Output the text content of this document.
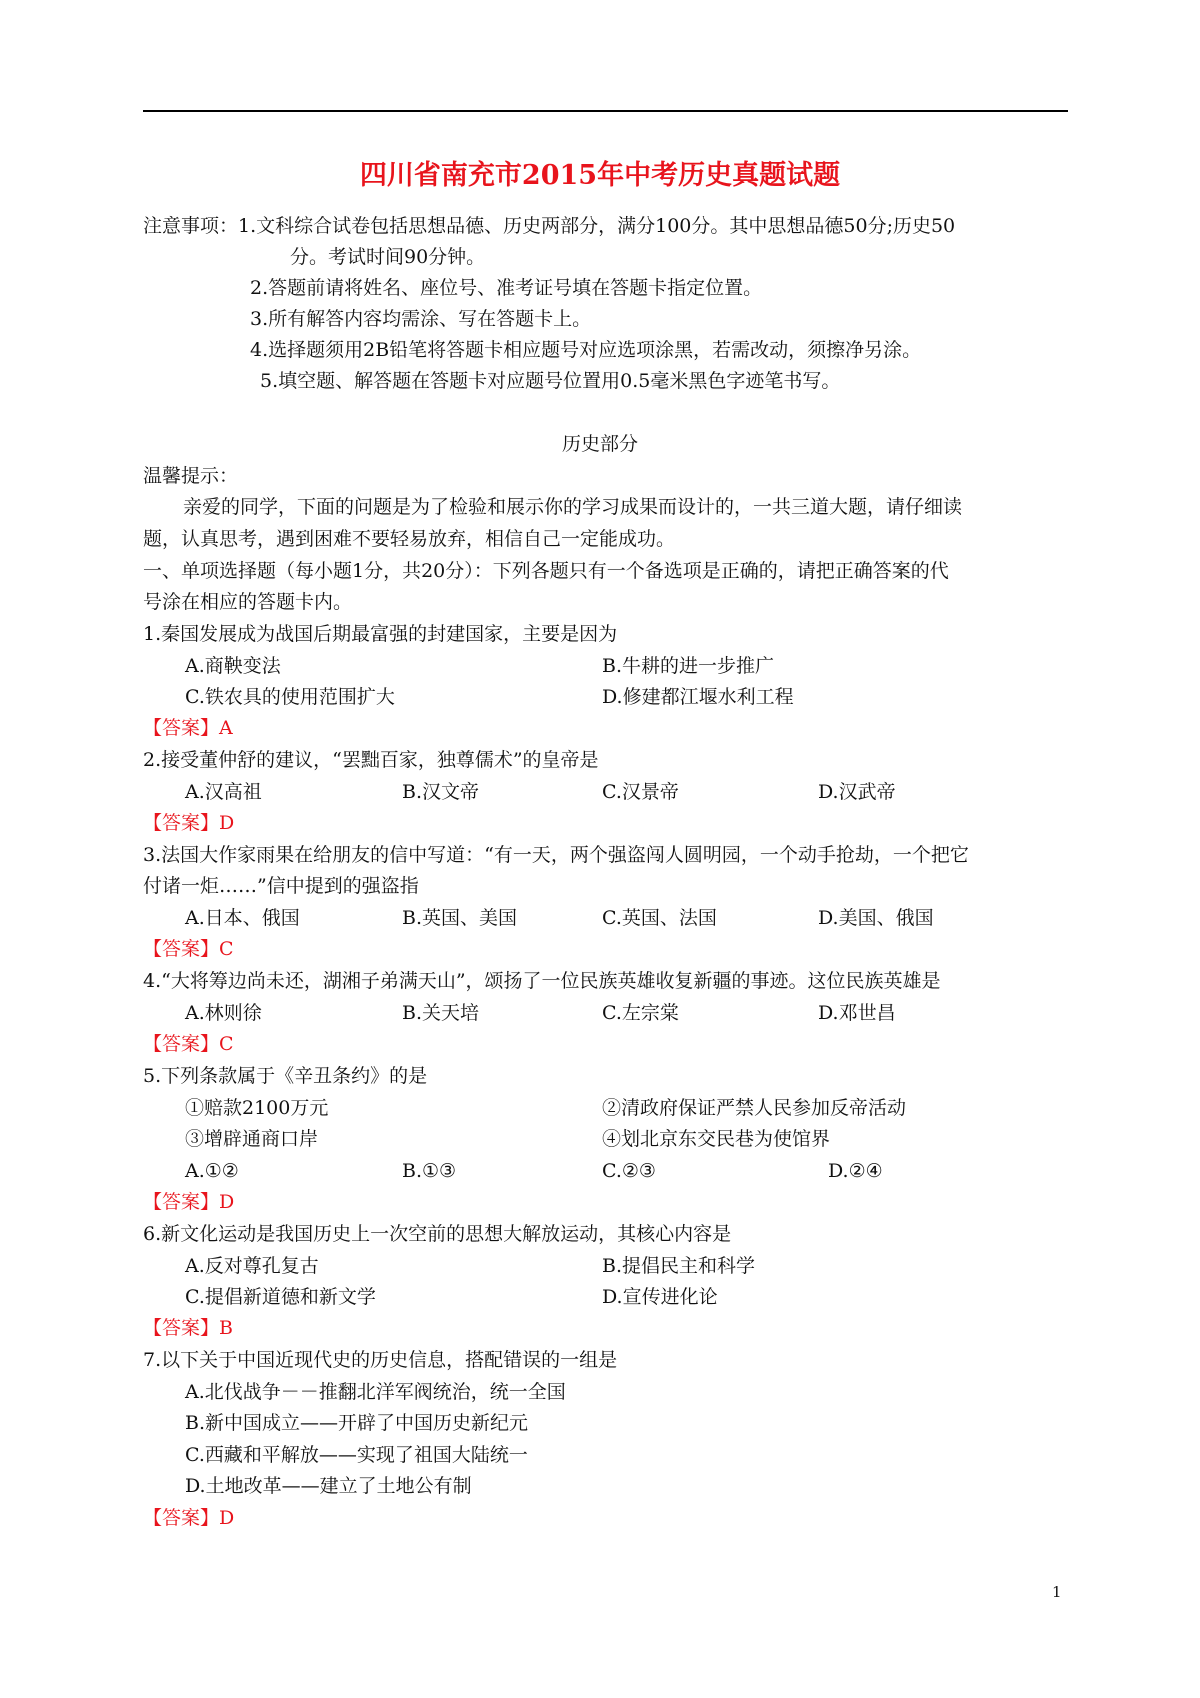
四川省南充市2015年中考历史真题试题
注意事项：1.文科综合试卷包括思想品德、历史两部分，满分100分。其中思想品德50分;历史50
分。考试时间90分钟。
2.答题前请将姓名、座位号、准考证号填在答题卡指定位置。
3.所有解答内容均需涂、写在答题卡上。
4.选择题须用2B铅笔将答题卡相应题号对应选项涂黑，若需改动，须擦净另涂。
5.填空题、解答题在答题卡对应题号位置用0.5毫米黑色字迹笔书写。
历史部分
温馨提示：
亲爱的同学，下面的问题是为了检验和展示你的学习成果而设计的，一共三道大题，请仔细读
题，认真思考，遇到困难不要轻易放弃，相信自己一定能成功。
一、单项选择题（每小题1分，共20分）：下列各题只有一个备选项是正确的，请把正确答案的代
号涂在相应的答题卡内。
1.秦国发展成为战国后期最富强的封建国家，主要是因为
A.商鞅变法	B.牛耕的进一步推广
C.铁农具的使用范围扩大	D.修建都江堰水利工程
【答案】A
2.接受董仲舒的建议，“罢黜百家，独尊儒术”的皇帝是
A.汉高祖	B.汉文帝	C.汉景帝	D.汉武帝
【答案】D
3.法国大作家雨果在给朋友的信中写道：“有一天，两个强盗闯人圆明园，一个动手抢劫，一个把它
付诸一炬……”信中提到的强盗指
A.日本、俄国	B.英国、美国	C.英国、法国	D.美国、俄国
【答案】C
4.“大将筹边尚未还，湖湘子弟满天山”，颂扬了一位民族英雄收复新疆的事迹。这位民族英雄是
A.林则徐	B.关天培	C.左宗棠	D.邓世昌
【答案】C
5.下列条款属于《辛丑条约》的是
①赔款2100万元	②清政府保证严禁人民参加反帝活动
③增辟通商口岸	④划北京东交民巷为使馆界
A.①②	B.①③	C.②③	D.②④
【答案】D
6.新文化运动是我国历史上一次空前的思想大解放运动，其核心内容是
A.反对尊孔复古	B.提倡民主和科学
C.提倡新道德和新文学	D.宣传进化论
【答案】B
7.以下关于中国近现代史的历史信息，搭配错误的一组是
A.北伐战争－－推翻北洋军阀统治，统一全国
B.新中国成立——开辟了中国历史新纪元
C.西藏和平解放——实现了祖国大陆统一
D.土地改革——建立了土地公有制
【答案】D
1
